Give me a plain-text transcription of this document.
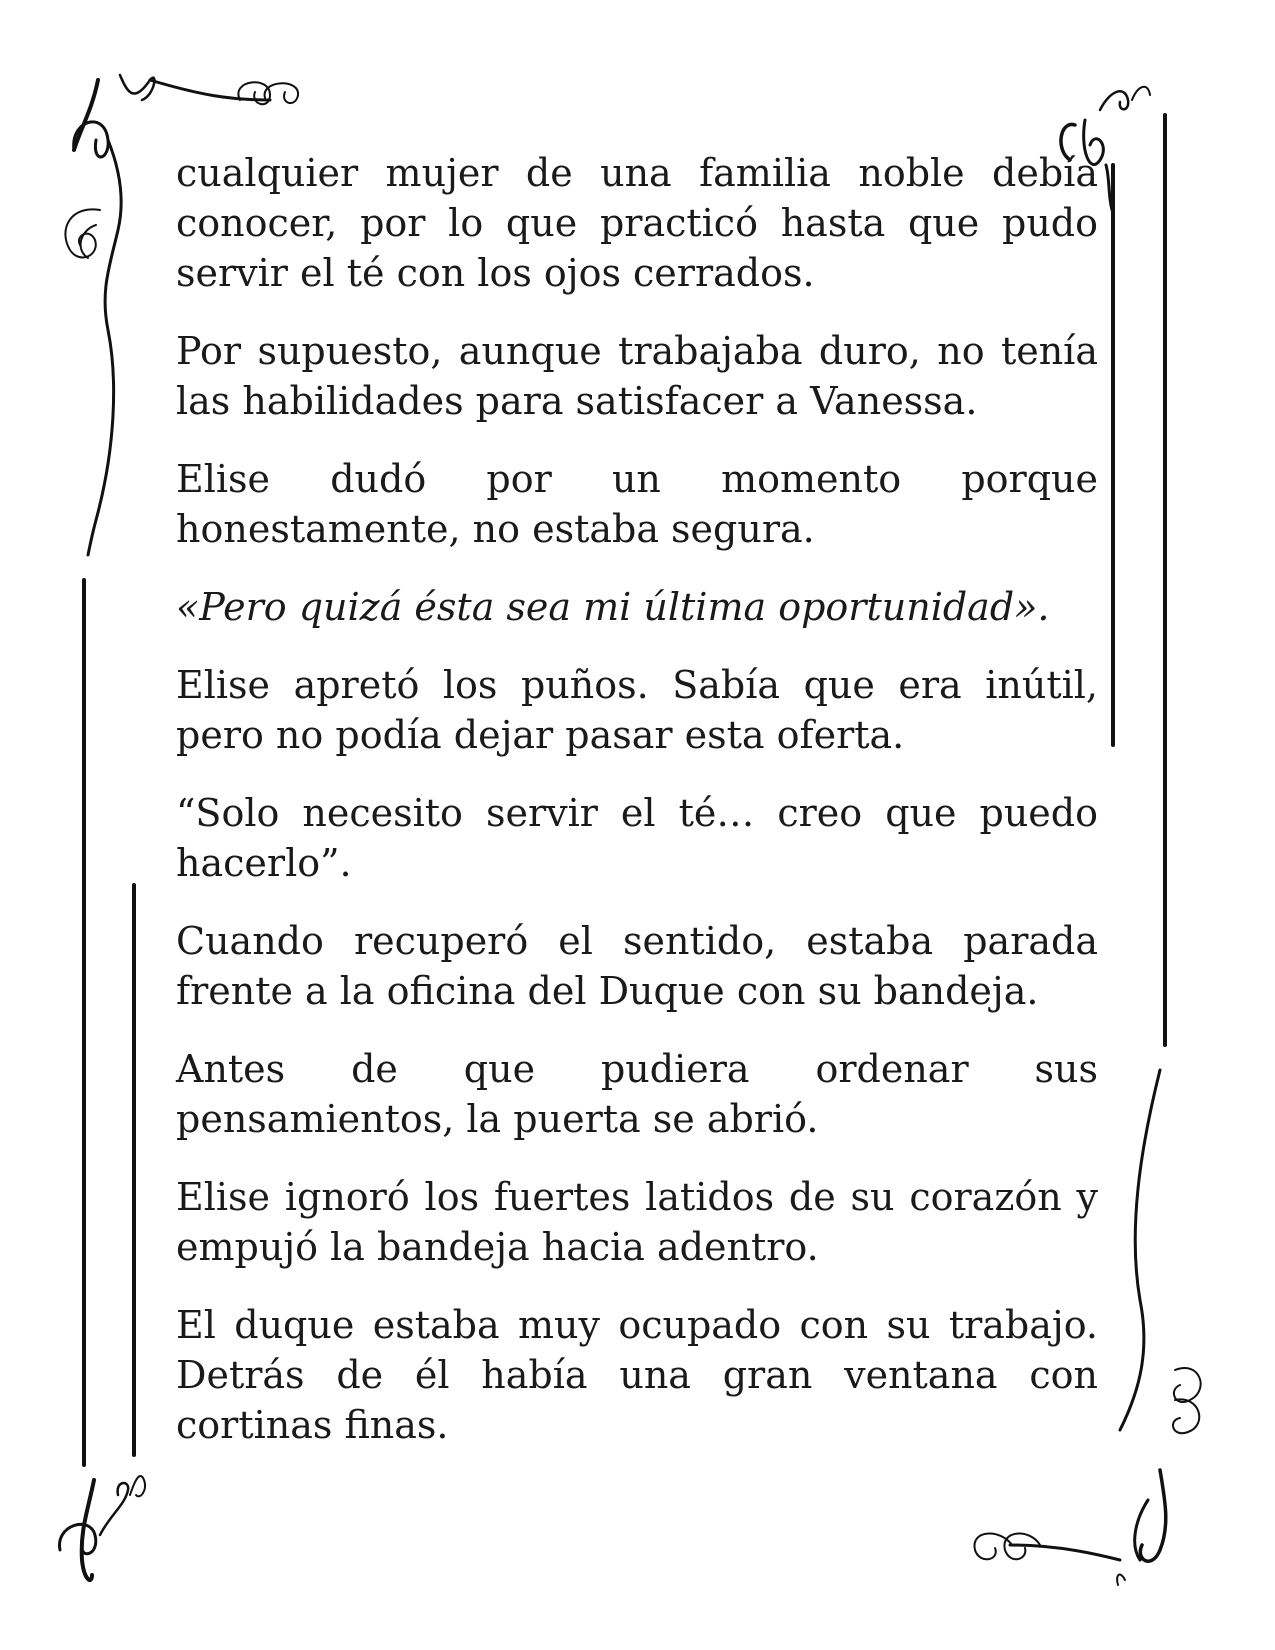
cualquier mujer de una familia noble debía conocer, por lo que practicó hasta que pudo servir el té con los ojos cerrados.

Por supuesto, aunque trabajaba duro, no tenía las habilidades para satisfacer a Vanessa.

Elise dudó por un momento porque honestamente, no estaba segura.

«Pero quizá ésta sea mi última oportunidad».

Elise apretó los puños. Sabía que era inútil, pero no podía dejar pasar esta oferta.

“Solo necesito servir el té… creo que puedo hacerlo”.

Cuando recuperó el sentido, estaba parada frente a la oficina del Duque con su bandeja.

Antes de que pudiera ordenar sus pensamientos, la puerta se abrió.

Elise ignoró los fuertes latidos de su corazón y empujó la bandeja hacia adentro.

El duque estaba muy ocupado con su trabajo. Detrás de él había una gran ventana con cortinas finas.
